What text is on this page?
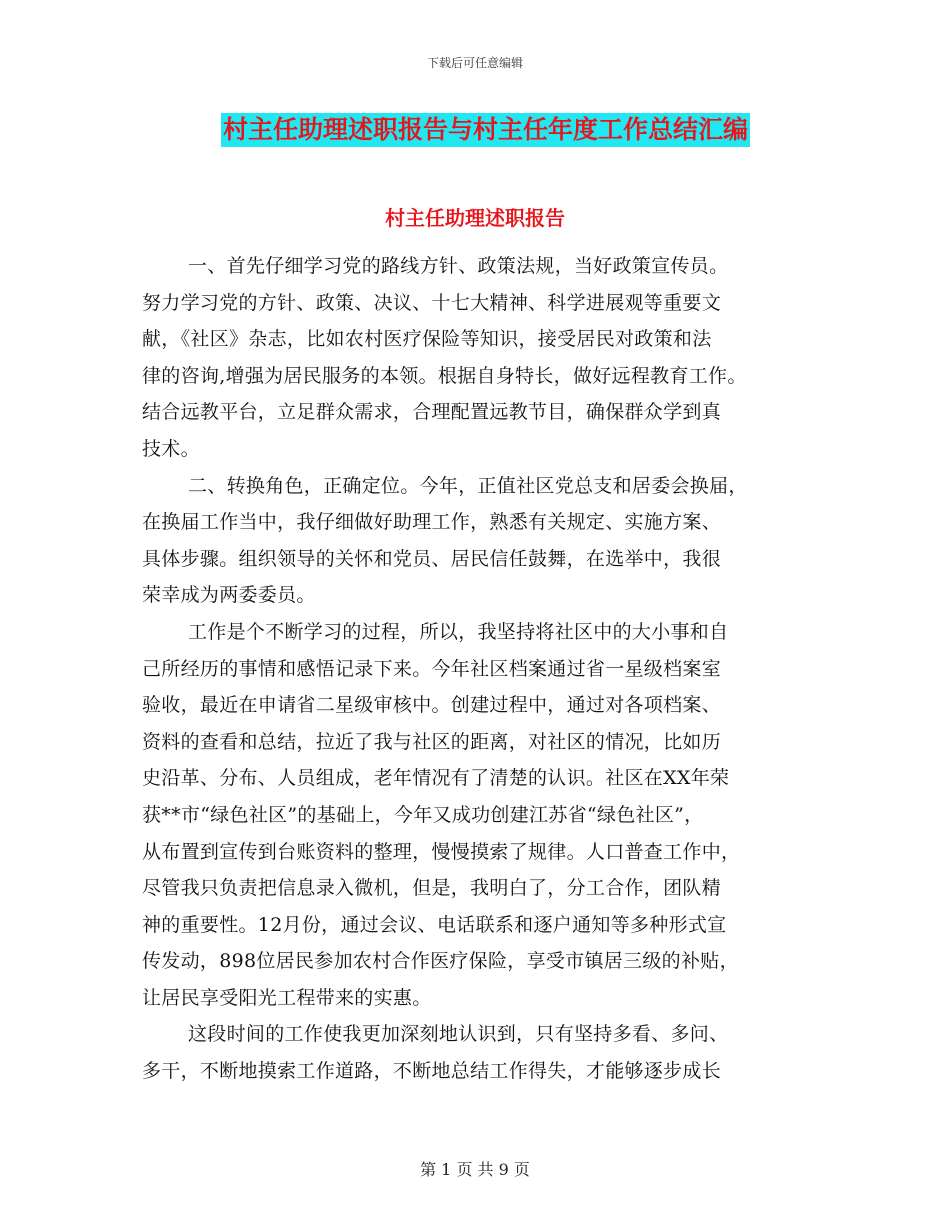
下载后可任意编辑
村主任助理述职报告与村主任年度工作总结汇编
村主任助理述职报告
一、首先仔细学习党的路线方针、政策法规，当好政策宣传员。
努力学习党的方针、政策、决议、十七大精神、科学进展观等重要文
献，《社区》杂志，比如农村医疗保险等知识，接受居民对政策和法
律的咨询,增强为居民服务的本领。根据自身特长，做好远程教育工作。
结合远教平台，立足群众需求，合理配置远教节目，确保群众学到真
技术。
二、转换角色，正确定位。今年，正值社区党总支和居委会换届，
在换届工作当中，我仔细做好助理工作，熟悉有关规定、实施方案、
具体步骤。组织领导的关怀和党员、居民信任鼓舞，在选举中，我很
荣幸成为两委委员。
工作是个不断学习的过程，所以，我坚持将社区中的大小事和自
己所经历的事情和感悟记录下来。今年社区档案通过省一星级档案室
验收，最近在申请省二星级审核中。创建过程中，通过对各项档案、
资料的查看和总结，拉近了我与社区的距离，对社区的情况，比如历
史沿革、分布、人员组成，老年情况有了清楚的认识。社区在XX年荣
获**市“绿色社区”的基础上，今年又成功创建江苏省“绿色社区”，
从布置到宣传到台账资料的整理，慢慢摸索了规律。人口普查工作中，
尽管我只负责把信息录入微机，但是，我明白了，分工合作，团队精
神的重要性。12月份，通过会议、电话联系和逐户通知等多种形式宣
传发动，898位居民参加农村合作医疗保险，享受市镇居三级的补贴，
让居民享受阳光工程带来的实惠。
这段时间的工作使我更加深刻地认识到，只有坚持多看、多问、
多干，不断地摸索工作道路，不断地总结工作得失，才能够逐步成长
第 1 页 共 9 页
